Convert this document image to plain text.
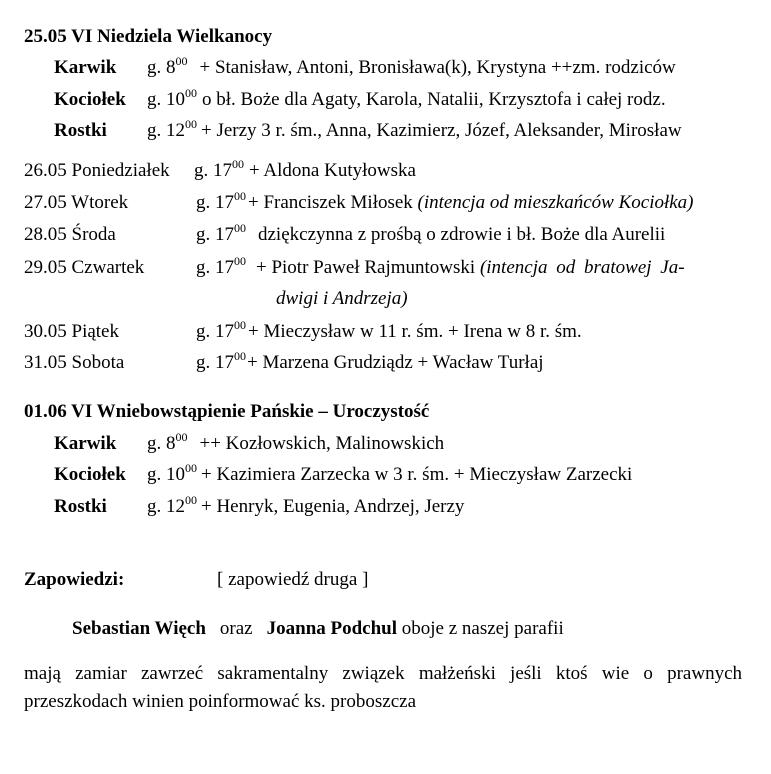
25.05 VI Niedziela Wielkanocy
Karwik g. $8^{00}$ + Stanisław, Antoni, Bronisława(k), Krystyna ++zm. rodziców
Kociołek g. $10^{00}$ o bł. Boże dla Agaty, Karola, Natalii, Krzysztofa i całej rodz.
Rostki g. $12^{00}$ + Jerzy 3 r. śm., Anna, Kazimierz, Józef, Aleksander, Mirosław
26.05 Poniedziałek g. $17^{00}$ + Aldona Kutyłowska
27.05 Wtorek	g. $17^{00}$ + Franciszek Miłosek (intencja od mieszkańców Kociołka)
28.05 Środa	g. $17^{00}$ dziękczynna z prośbą o zdrowie i bł. Boże dla Aurelii
29.05 Czwartek	g. $17^{00}$ + Piotr Paweł Rajmuntowski (intencja od bratowej Ja-
dwigi i Andrzeja)
30.05 Piątek	g. $17^{00}$ + Mieczysław w 11 r. śm. + Irena w 8 r. śm.
31.05 Sobota	g. $17^{00}+$ Marzena Grudziądz + Wacław Turłaj
01.06 VI Wniebowstąpienie Pańskie – Uroczystość
Karwik g. $8^{00}$ ++ Kozłowskich, Malinowskich
Kociołek g. $10^{00}$ + Kazimiera Zarzecka w 3 r. śm. + Mieczysław Zarzecki
Rostki g. $12^{00}$ + Henryk, Eugenia, Andrzej, Jerzy
Zapowiedzi:	[ zapowiedź druga ]
Sebastian Więch oraz Joanna Podchul oboje z naszej parafii
mają zamiar zawrzeć sakramentalny związek małżeński jeśli ktoś wie o prawnych przeszkodach winien poinformować ks. proboszcza
